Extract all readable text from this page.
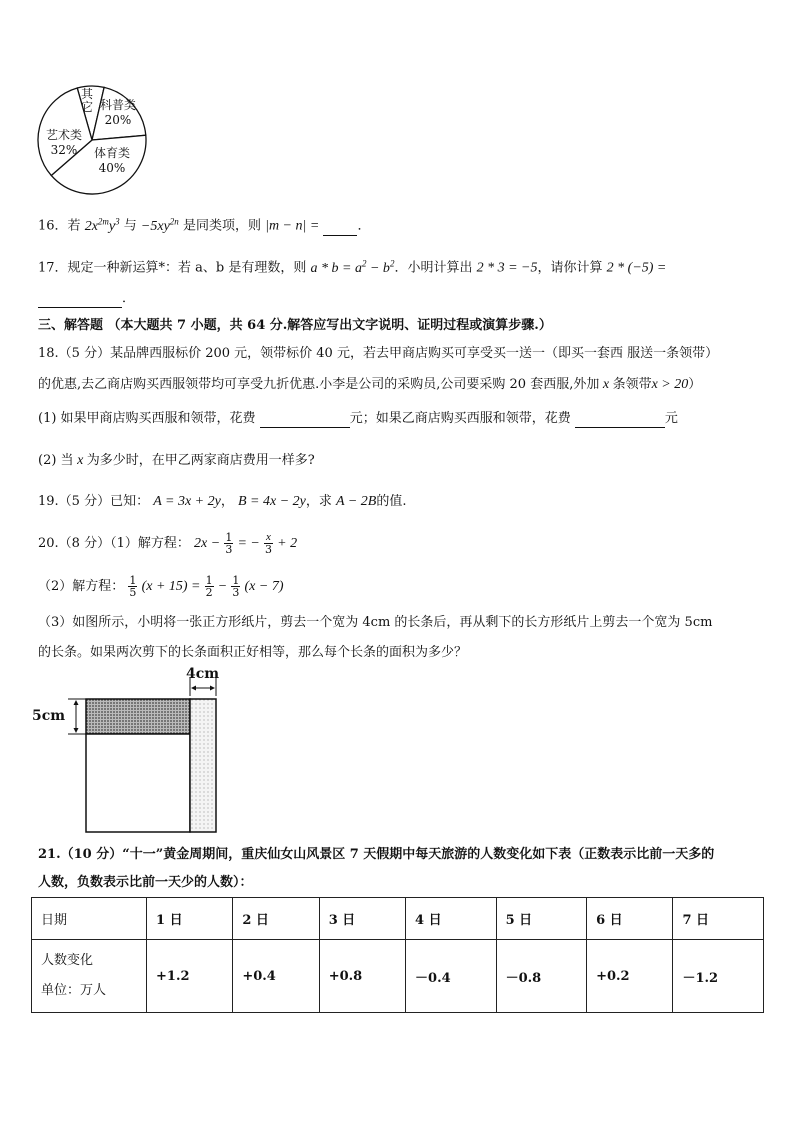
其
它 科普类
20%
体育类
40%
艺术类
32%
16．若 $2x^{2m}y^3$ 与 $-5xy^{2n}$ 是同类项，则 |m − n| =	．
17．规定一种新运算*：若 a、b 是有理数，则 $a * b = a^2 - b^2$．小明计算出 2 * 3 = −5，请你计算 2 * (−5) =
．
三、解答题 （本大题共 7 小题，共 64 分.解答应写出文字说明、证明过程或演算步骤.）
18.（5 分）某品牌西服标价 200 元，领带标价 40 元，若去甲商店购买可享受买一送一（即买一套西 服送一条领带）
的优惠,去乙商店购买西服领带均可享受九折优惠.小李是公司的采购员,公司要采购 20 套西服,外加 x 条领带x > 20）
(1) 如果甲商店购买西服和领带，花费	元；如果乙商店购买西服和领带，花费	元
(2) 当 x 为多少时，在甲乙两家商店费用一样多?
19.（5 分）已知： A = 3x + 2y， B = 4x − 2y，求 A − 2B的值.
20.（8 分）（1）解方程： $2x - \frac{1}{3}$ = − $\frac{x}{3} + 2$
（2）解方程： $\frac{1}{5} (x + 15) = \frac{1}{2} - \frac{1}{3} (x - 7)$
（3）如图所示，小明将一张正方形纸片，剪去一个宽为 4cm 的长条后，再从剩下的长方形纸片上剪去一个宽为 5cm
的长条。如果两次剪下的长条面积正好相等，那么每个长条的面积为多少？
4cm
5cm
21.（10 分）“十一”黄金周期间，重庆仙女山风景区 7 天假期中每天旅游的人数变化如下表（正数表示比前一天多的
人数，负数表示比前一天少的人数）：
日期	1 日	2 日	3 日	4 日	5 日	6 日	7 日

人数变化
单位：万人	+1.2	+0.4	+0.8	－0.4	－0.8	+0.2	－1.2
